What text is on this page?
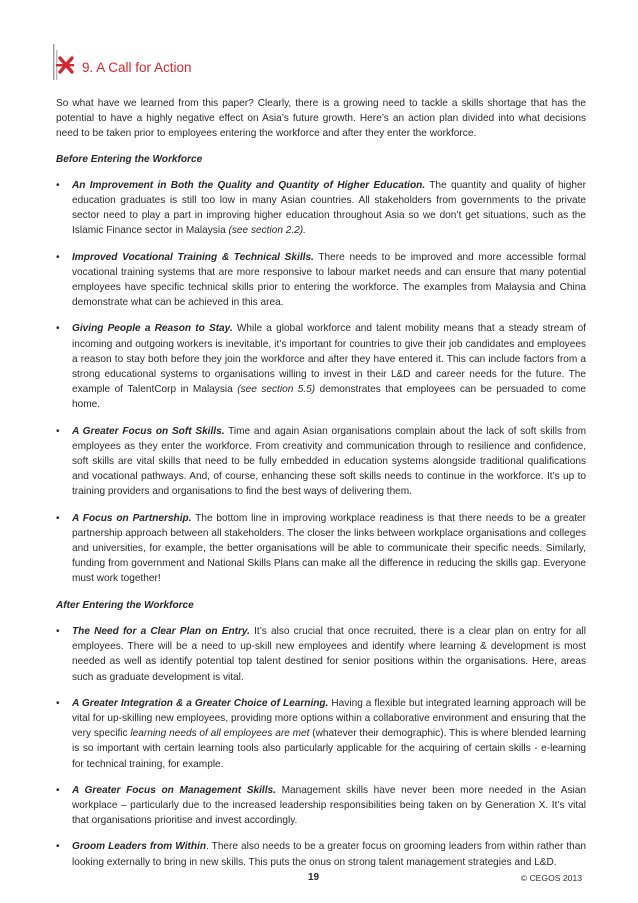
9. A Call for Action

So what have we learned from this paper? Clearly, there is a growing need to tackle a skills shortage that has the potential to have a highly negative effect on Asia’s future growth. Here’s an action plan divided into what decisions need to be taken prior to employees entering the workforce and after they enter the workforce.

Before Entering the Workforce

• An Improvement in Both the Quality and Quantity of Higher Education. The quantity and quality of higher education graduates is still too low in many Asian countries. All stakeholders from governments to the private sector need to play a part in improving higher education throughout Asia so we don’t get situations, such as the Islamic Finance sector in Malaysia (see section 2.2).
• Improved Vocational Training & Technical Skills. There needs to be improved and more accessible formal vocational training systems that are more responsive to labour market needs and can ensure that many potential employees have specific technical skills prior to entering the workforce. The examples from Malaysia and China demonstrate what can be achieved in this area.
• Giving People a Reason to Stay. While a global workforce and talent mobility means that a steady stream of incoming and outgoing workers is inevitable, it’s important for countries to give their job candidates and employees a reason to stay both before they join the workforce and after they have entered it. This can include factors from a strong educational systems to organisations willing to invest in their L&D and career needs for the future. The example of TalentCorp in Malaysia (see section 5.5) demonstrates that employees can be persuaded to come home.
• A Greater Focus on Soft Skills. Time and again Asian organisations complain about the lack of soft skills from employees as they enter the workforce. From creativity and communication through to resilience and confidence, soft skills are vital skills that need to be fully embedded in education systems alongside traditional qualifications and vocational pathways. And, of course, enhancing these soft skills needs to continue in the workforce. It’s up to training providers and organisations to find the best ways of delivering them.
• A Focus on Partnership. The bottom line in improving workplace readiness is that there needs to be a greater partnership approach between all stakeholders. The closer the links between workplace organisations and colleges and universities, for example, the better organisations will be able to communicate their specific needs. Similarly, funding from government and National Skills Plans can make all the difference in reducing the skills gap. Everyone must work together!

After Entering the Workforce

• The Need for a Clear Plan on Entry. It’s also crucial that once recruited, there is a clear plan on entry for all employees. There will be a need to up-skill new employees and identify where learning & development is most needed as well as identify potential top talent destined for senior positions within the organisations. Here, areas such as graduate development is vital.
• A Greater Integration & a Greater Choice of Learning. Having a flexible but integrated learning approach will be vital for up-skilling new employees, providing more options within a collaborative environment and ensuring that the very specific learning needs of all employees are met (whatever their demographic). This is where blended learning is so important with certain learning tools also particularly applicable for the acquiring of certain skills - e-learning for technical training, for example.
• A Greater Focus on Management Skills. Management skills have never been more needed in the Asian workplace – particularly due to the increased leadership responsibilities being taken on by Generation X. It’s vital that organisations prioritise and invest accordingly.
• Groom Leaders from Within. There also needs to be a greater focus on grooming leaders from within rather than looking externally to bring in new skills. This puts the onus on strong talent management strategies and L&D.
19	© CEGOS 2013
